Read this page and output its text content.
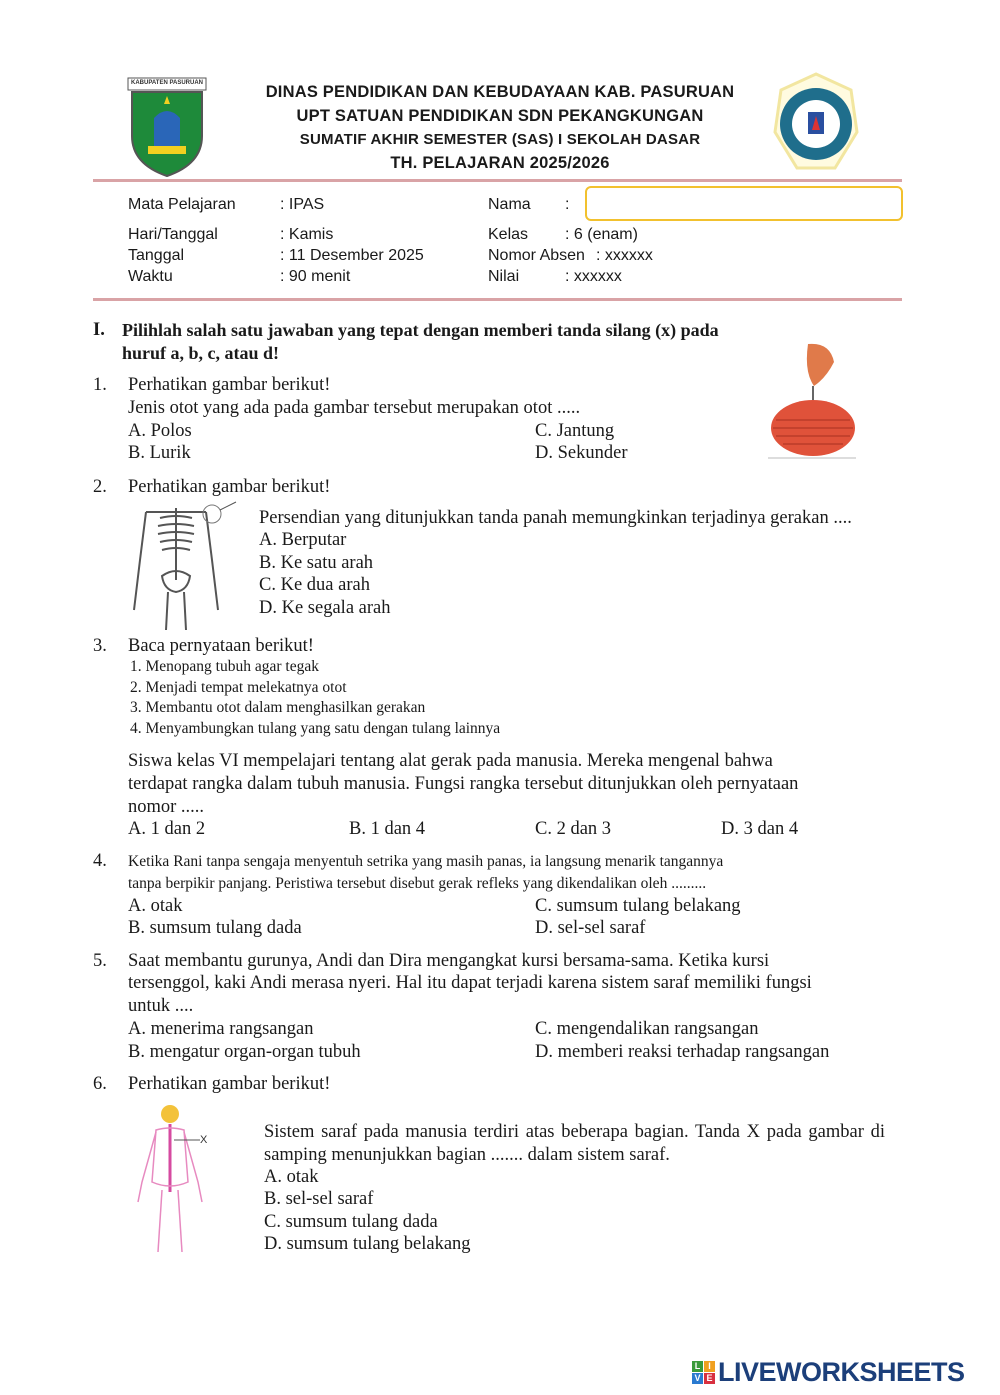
KABUPATEN PASURUAN	DINAS PENDIDIKAN DAN KEBUDAYAAN KAB. PASURUAN
UPT SATUAN PENDIDIKAN SDN PEKANGKUNGAN
SUMATIF AKHIR SEMESTER (SAS) I SEKOLAH DASAR
TH. PELAJARAN 2025/2026
Mata Pelajaran	: IPAS	Nama :
Hari/Tanggal	: Kamis	Kelas : 6 (enam)
Tanggal	: 11 Desember 2025	Nomor Absen : xxxxxx
Waktu	: 90 menit	Nilai	: xxxxxx
I. Pilihlah salah satu jawaban yang tepat dengan memberi tanda silang (x) pada
huruf a, b, c, atau d!
1. Perhatikan gambar berikut!
Jenis otot yang ada pada gambar tersebut merupakan otot .....
A. Polos
B. Lurik
C. Jantung
D. Sekunder
2. Perhatikan gambar berikut!
Persendian yang ditunjukkan tanda panah memungkinkan terjadinya gerakan ....
A. Berputar
B. Ke satu arah
C. Ke dua arah
D. Ke segala arah
3. Baca pernyataan berikut!
1. Menopang tubuh agar tegak
2. Menjadi tempat melekatnya otot
3. Membantu otot dalam menghasilkan gerakan
4. Menyambungkan tulang yang satu dengan tulang lainnya
Siswa kelas VI mempelajari tentang alat gerak pada manusia. Mereka mengenal bahwa
terdapat rangka dalam tubuh manusia. Fungsi rangka tersebut ditunjukkan oleh pernyataan
nomor .....
A. 1 dan 2	B. 1 dan 4	C. 2 dan 3	D. 3 dan 4
4. Ketika Rani tanpa sengaja menyentuh setrika yang masih panas, ia langsung menarik tangannya
tanpa berpikir panjang. Peristiwa tersebut disebut gerak refleks yang dikendalikan oleh .........
A. otak
B. sumsum tulang dada
C. sumsum tulang belakang
D. sel-sel saraf
5. Saat membantu gurunya, Andi dan Dira mengangkat kursi bersama-sama. Ketika kursi
tersenggol, kaki Andi merasa nyeri. Hal itu dapat terjadi karena sistem saraf memiliki fungsi
untuk ....
A. menerima rangsangan
B. mengatur organ-organ tubuh
C. mengendalikan rangsangan
D. memberi reaksi terhadap rangsangan
6. Perhatikan gambar berikut!
Sistem saraf pada manusia terdiri atas beberapa bagian. Tanda X pada gambar di samping menunjukkan bagian ....... dalam sistem saraf.
A. otak
B. sel-sel saraf
C. sumsum tulang dada
D. sumsum tulang belakang
X
L I
V E LIVEWORKSHEETS
